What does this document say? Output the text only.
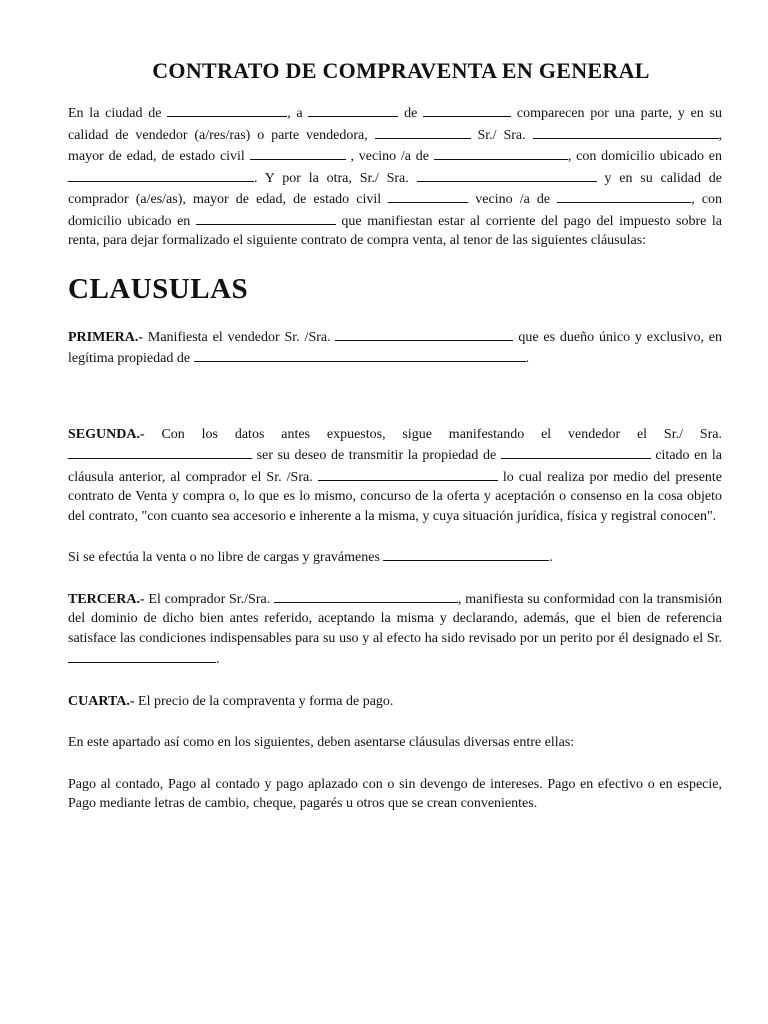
CONTRATO DE COMPRAVENTA EN GENERAL

En la ciudad de	, a	de	comparecen por una parte, y en su calidad de vendedor (a/res/ras) o parte vendedora,	Sr./ Sra.	, mayor de edad, de estado civil	, vecino /a de	, con domicilio ubicado en . Y por la otra, Sr./ Sra.	y en su calidad de comprador (a/es/as), mayor de edad, de estado civil	vecino /a de	, con domicilio ubicado en	que manifiestan estar al corriente del pago del impuesto sobre la renta, para dejar formalizado el siguiente contrato de compra venta, al tenor de las siguientes cláusulas:

CLAUSULAS

PRIMERA.- Manifiesta el vendedor Sr. /Sra.	que es dueño único y exclusivo, en legítima propiedad de	.

SEGUNDA.- Con los datos antes expuestos, sigue manifestando el vendedor el Sr./ Sra.  ser su deseo de transmitir la propiedad de	citado en la cláusula anterior, al comprador el Sr. /Sra.	lo cual realiza por medio del presente contrato de Venta y compra o, lo que es lo mismo, concurso de la oferta y aceptación o consenso en la cosa objeto del contrato, "con cuanto sea accesorio e inherente a la misma, y cuya situación jurídica, física y registral conocen".

Si se efectúa la venta o no libre de cargas y gravámenes	.

TERCERA.- El comprador Sr./Sra.	, manifiesta su conformidad con la transmisión del dominio de dicho bien antes referido, aceptando la misma y declarando, además, que el bien de referencia satisface las condiciones indispensables para su uso y al efecto ha sido revisado por un perito por él designado el Sr. .

CUARTA.- El precio de la compraventa y forma de pago.

En este apartado así como en los siguientes, deben asentarse cláusulas diversas entre ellas:

Pago al contado, Pago al contado y pago aplazado con o sin devengo de intereses. Pago en efectivo o en especie, Pago mediante letras de cambio, cheque, pagarés u otros que se crean convenientes.
